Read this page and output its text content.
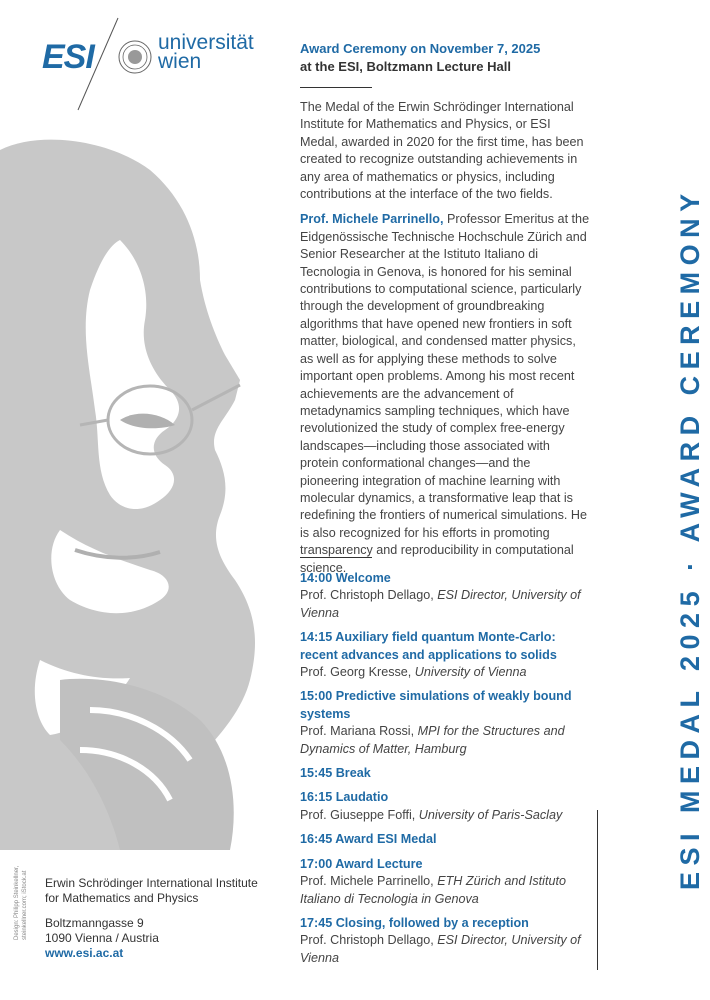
ESI	universität
wien
Award Ceremony on November 7, 2025
at the ESI, Boltzmann Lecture Hall

The Medal of the Erwin Schrödinger International Institute for Mathematics and Physics, or ESI Medal, awarded in 2020 for the first time, has been created to recognize outstanding achievements in any area of mathematics or physics, including contributions at the interface of the two fields.

Prof. Michele Parrinello, Professor Emeritus at the Eidgenössische Technische Hochschule Zürich and Senior Researcher at the Istituto Italiano di Tecnologia in Genova, is honored for his seminal contributions to computational science, particularly through the development of groundbreaking algorithms that have opened new frontiers in soft matter, biological, and condensed matter physics, as well as for applying these methods to solve important open problems. Among his most recent achievements are the advancement of metadynamics sampling techniques, which have revolutionized the study of complex free-energy landscapes—including those associated with protein conformational changes—and the pioneering integration of machine learning with molecular dynamics, a transformative leap that is redefining the frontiers of numerical simulations. He is also recognized for his efforts in promoting transparency and reproducibility in computational science.

14:00 Welcome
Prof. Christoph Dellago, ESI Director, University of Vienna
14:15 Auxiliary field quantum Monte-Carlo: recent advances and applications to solids
Prof. Georg Kresse, University of Vienna
15:00 Predictive simulations of weakly bound systems
Prof. Mariana Rossi, MPI for the Structures and Dynamics of Matter, Hamburg
15:45 Break
16:15 Laudatio
Prof. Giuseppe Foffi, University of Paris-Saclay
16:45 Award ESI Medal
17:00 Award Lecture
Prof. Michele Parrinello, ETH Zürich and Istituto Italiano di Tecnologia in Genova
17:45 Closing, followed by a reception
Prof. Christoph Dellago, ESI Director, University of Vienna
ESI MEDAL 2025 · AWARD CEREMONY
Design: Philipp Steinkellner, steinkellner.com; iStock.at Erwin Schrödinger International Institute
for Mathematics and Physics
Boltzmanngasse 9
1090 Vienna / Austria
www.esi.ac.at
